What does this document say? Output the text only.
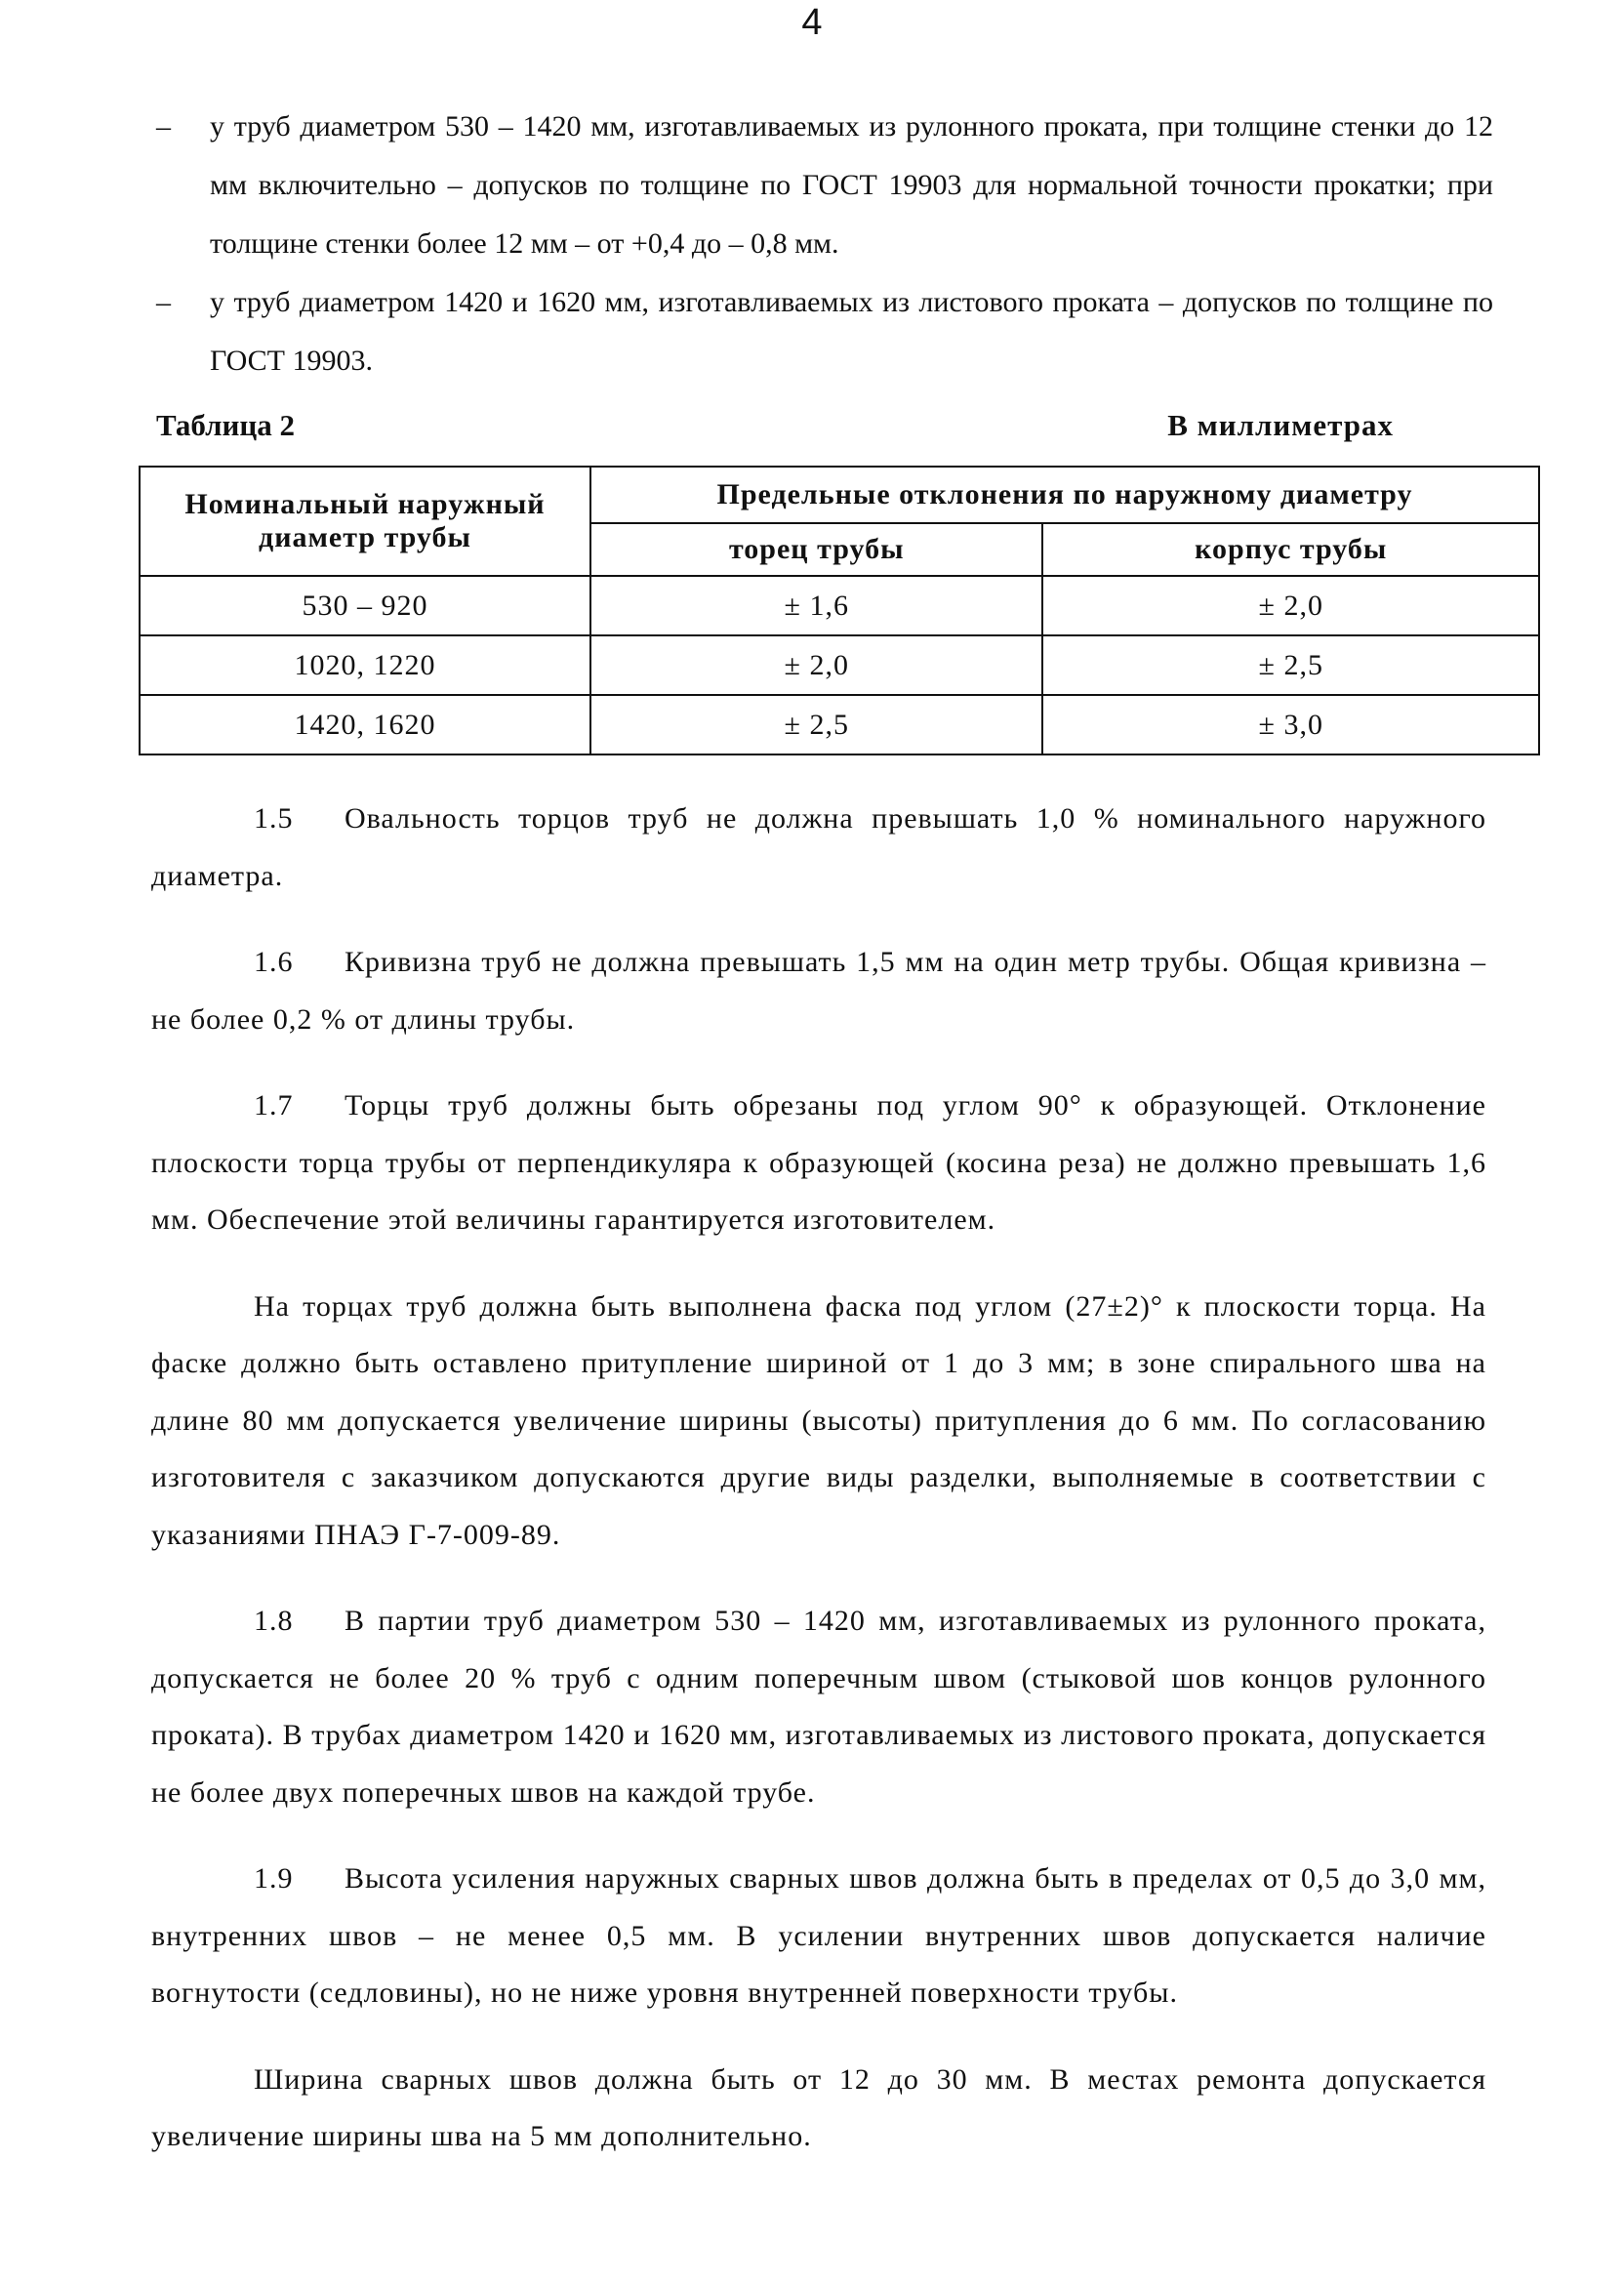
4
– у труб диаметром 530 – 1420 мм, изготавливаемых из рулонного проката, при толщине стенки до 12 мм включительно – допусков по толщине по ГОСТ 19903 для нормальной точности прокатки; при толщине стенки более 12 мм – от +0,4 до – 0,8 мм.
– у труб диаметром 1420 и 1620 мм, изготавливаемых из листового проката – допусков по толщине по ГОСТ 19903.
Таблица 2	В миллиметрах
Номинальный наружный диаметр трубы	Предельные отклонения по наружному диаметру	
	торец трубы	корпус трубы
530 – 920	± 1,6	± 2,0
1020, 1220	± 2,0	± 2,5
1420, 1620	± 2,5	± 3,0

1.5 Овальность торцов труб не должна превышать 1,0 % номинального наружного диаметра.

1.6 Кривизна труб не должна превышать 1,5 мм на один метр трубы. Общая кривизна – не более 0,2 % от длины трубы.

1.7 Торцы труб должны быть обрезаны под углом 90° к образующей. Отклонение плоскости торца трубы от перпендикуляра к образующей (косина реза) не должно превышать 1,6 мм. Обеспечение этой величины гарантируется изготовителем.

На торцах труб должна быть выполнена фаска под углом (27±2)° к плоскости торца. На фаске должно быть оставлено притупление шириной от 1 до 3 мм; в зоне спирального шва на длине 80 мм допускается увеличение ширины (высоты) притупления до 6 мм. По согласованию изготовителя с заказчиком допускаются другие виды разделки, выполняемые в соответствии с указаниями ПНАЭ Г-7-009-89.

1.8 В партии труб диаметром 530 – 1420 мм, изготавливаемых из рулонного проката, допускается не более 20 % труб с одним поперечным швом (стыковой шов концов рулонного проката). В трубах диаметром 1420 и 1620 мм, изготавливаемых из листового проката, допускается не более двух поперечных швов на каждой трубе.

1.9 Высота усиления наружных сварных швов должна быть в пределах от 0,5 до 3,0 мм, внутренних швов – не менее 0,5 мм. В усилении внутренних швов допускается наличие вогнутости (седловины), но не ниже уровня внутренней поверхности трубы.

Ширина сварных швов должна быть от 12 до 30 мм. В местах ремонта допускается увеличение ширины шва на 5 мм дополнительно.
